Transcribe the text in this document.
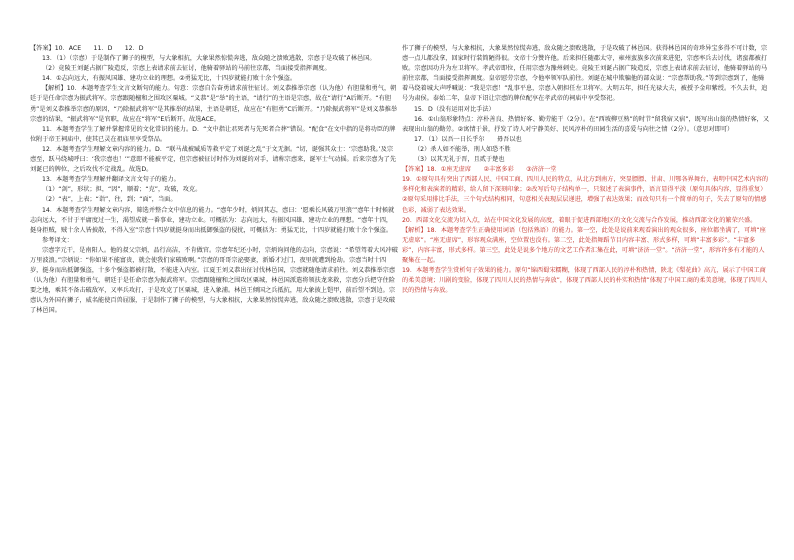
【答案】10．ACE　　11．D　　12．D

13．（1）（宗悫）于是制作了狮子的模型，与大象相抗，大象果然惊慌奔逃，敌众随之溃败逃散，宗悫于是攻破了林邑国。

（2）竟陵王刘诞占据广陵造反，宗悫上表请求前去征讨，他骑着驿站的马前往京都，当面接受指挥调度。

14．①志向远大，有振风国雄、建功立业的理想。②勇猛无比，十四岁就能打败十余个强盗。

【解析】10．本题考查学生文言文断句的能力。句意：宗悫自告奋勇请求前往征讨。刘义恭推举宗悫（认为他）有胆量和勇气，朝廷于是任命宗悫为振武将军。宗悫跟随檀和之围攻区粟城。“义恭”是“举”的主语，“请行”的主语是宗悫，故在“请行”A后断开。“有胆勇”是刘义恭推举宗悫的原因，“乃除振武将军”是其推举的结果，主语是朝廷，故应在“有胆勇”C后断开。“乃除振武将军”是刘义恭推举宗悫的结果，“振武将军”是官职，故应在“将军”E后断开。故选ACE。

11．本题考查学生了解并掌握常见的文化常识的能力。D．“文中指让君死者与先死者合葬”错误。“配食”在文中指的是将功臣的牌位附于帝王祠庙中，使其已灵在祖庙里享受祭品。

12．本题考查学生理解文章内容的能力。D．“联马战被臧质等救平定了刘诞之乱”于文无据。“切，诞强其众士：‘宗悫助我。’及宗悫至，跃马绕城呼曰：‘我宗悫也！’”意即不能被平定，但宗悫被征讨时作为刘诞的对手，请称宗悫来，诞军士气动摇。后来宗悫为了先刘诞已的牌位，之后攻伐不定战乱。故选D。

13．本题考查学生理解并翻译文言文句子的能力。

（1）“剑”，形状；担，“因”，顺着；“克”，攻破，攻克。

（2）“表”，上表；“诣”，往，到；“面”，当面。

14．本题考查学生理解文章内容，筛选并整合文中信息的能力。“悫年少时，炳问其志，悫曰：‘愿乘长风破万里浪’”悫年十时候就志向远大，不甘于平庸度过一生，渴望成就一番事业，建功立业。可概括为：志向远大，有振风国雄、建功立业的理想。“悫年十四，挺身拒贼，贼十余人皆披散，不得入室”宗悫十四岁就挺身而出抵御强盗的侵扰，可概括为：勇猛无比，十四岁就能打败十余个强盗。

参考译文：

宗悫字元干，是南阳人。他的叔父宗炳，品行高洁，不肯做官。宗悫年纪还小时，宗炳询问他的志向，宗悫说：“希望驾着大风冲破万里波浪。”宗炳说：“你如果不能富贵，就会使我们家破败啊。”宗悫的哥哥宗泌娶妻，新婚才过门，夜里就遭到抢劫。宗悫当时十四岁，挺身而出抵御强盗，十多个强盗都被打散，不能进入内室。江夏王刘义恭出征讨伐林邑国，宗悫就随他请求前往。刘义恭推举宗悫（认为他）有胆量和勇气，朝廷于是任命宗悫为振武将军。宗悫跟随檀和之围攻区粟城，林邑国派遣将领扶龙来救，宗悫分兵把守住险要之地，乘其不备击破敌军，又率兵攻打，于是攻克了区粟城，进入象浦。林邑王倾国之兵抵抗，用大象披上铠甲，前后望不到边。宗悫认为外国有狮子，威名能使百兽屈服，于是制作了狮子的模型，与大象相抗，大象果然惊慌奔逃，敌众随之溃败逃散，宗悫于是攻破了林邑国。

作了狮子的模型，与大象相抗，大象果然惊慌奔逃，敌众随之溃败逃散，于是攻破了林邑国。获得林邑国的奇珍异宝多得不可计数，宗悫一点儿都没拿，回家时行装简陋得很。文帝十分赞许他。后来担任随郡太守，雍州蛮族多次前来进犯，宗悫率兵去讨伐，诸蛮都被打败。宗悫因功升为左卫将军。孝武帝即位，任用宗悫为豫州刺史。竟陵王刘诞占据广陵造反，宗悫上表请求前去征讨，他骑着驿站的马前往京都，当面接受指挥调度。皇帝慰劳宗悫，令他率领军队前往。刘诞在城中欺骗他的部众说：“宗悫帮助我。”等到宗悫到了，他骑着马绕着城大声呼喊说：“我是宗悫！”乱事平息，宗悫入朝担任左卫将军。大明五年，担任光禄大夫，被授予金印紫绶。不久去世，追号为肃侯。泰始二年，皇帝下诏让宗悫的牌位配享在孝武帝的祠庙中享受祭祀。

15．D（没有运用对比手法）

16．①山翁形象特点：淳朴善良、热情好客、勤劳能干（2分）。在“西坡柳豆熟”的时节“留我宿又宿”，既写出山翁的热情好客，又表现出山翁的勤劳。②寓情于景，抒发了诗人对宁静美好、民风淳朴的田园生活的喜爱与向往之情（2分）。（意思对即可）

17．（1）以吾一日长乎尔　　毋吾以也

（2）杀人如不能举，刑人如恐不胜

（3）以其无礼于晋，且贰于楚也

【答案】18．①座无虚席　　②丰富多彩　　③济济一堂

19．①原句具有突出了西部人民、中国工商、四川人民的特点，从北方到南方，突显膘膘、甘肃、川鄂各界舞台，表明中国艺术内容的多样化和表演者的精彩，给人留下深刻印象；②改写后句子结构单一，只叙述了表演事件，语言显得平淡（原句具体内容，显得重复）

②原句采用排比手法，三个句式结构相同，句意相关表现层层递进，增强了表达效果；而改句只有一个简单的句子，失去了原句的情感色彩，减弱了表达效果。

20．西部文化交流为切入点，站在中国文化发展的高度，着眼于促进西部地区的文化交流与合作发展，推动西部文化的繁荣兴盛。

【解析】18．本题考查学生正确使用词语（包括熟语）的能力。第一空，此处是说前来观看演出的观众很多，座位都坐满了，可填“座无虚席”。“座无虚席”，形容观众满座，空位置也没有。第二空，此处指舞蹈节目内容丰富、形式多样，可填“丰富多彩”。“丰富多彩”，内容丰富，形式多样。第三空，此处是说多个地方的文艺工作者汇集在此，可填“济济一堂”。“济济一堂”，形容许多有才能的人聚集在一起。

19．本题考查学生赏析句子效果的能力。原句“锦西蜀宋糯糊，体现了西部人民的淳朴和热情，陕北《梨花曲》高亢，展示了中国工商的柔美意境；川剧的变脸，体现了四川人民的热情与奔放”，体现了西部人民的朴实和热情”体现了中国工商的柔美意境，体现了四川人民的热情与奔放。
